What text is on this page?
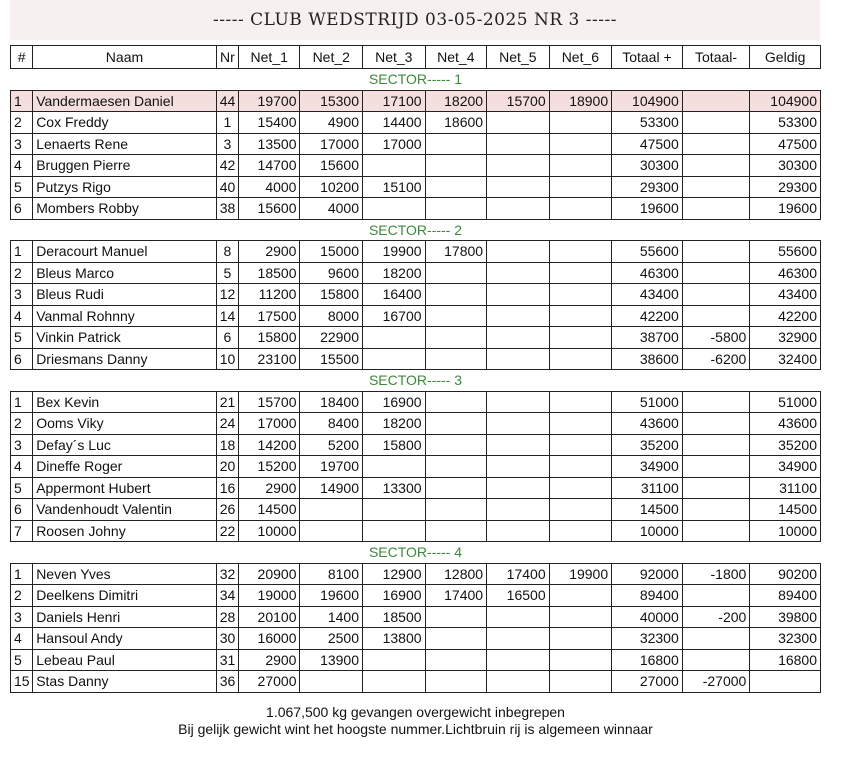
----- CLUB WEDSTRIJD 03-05-2025 NR 3 -----
#	Naam	Nr	Net_1	Net_2	Net_3	Net_4	Net_5	Net_6	Totaal +	Totaal-	Geldig
SECTOR----- 1											
1	Vandermaesen Daniel	44	19700	15300	17100	18200	15700	18900	104900		104900
2	Cox Freddy	1	15400	4900	14400	18600			53300		53300
3	Lenaerts Rene	3	13500	17000	17000				47500		47500
4	Bruggen Pierre	42	14700	15600					30300		30300
5	Putzys Rigo	40	4000	10200	15100				29300		29300
6	Mombers Robby	38	15600	4000					19600		19600
SECTOR----- 2											
1	Deracourt Manuel	8	2900	15000	19900	17800			55600		55600
2	Bleus Marco	5	18500	9600	18200				46300		46300
3	Bleus Rudi	12	11200	15800	16400				43400		43400
4	Vanmal Rohnny	14	17500	8000	16700				42200		42200
5	Vinkin Patrick	6	15800	22900					38700	-5800	32900
6	Driesmans Danny	10	23100	15500					38600	-6200	32400
SECTOR----- 3											
1	Bex Kevin	21	15700	18400	16900				51000		51000
2	Ooms Viky	24	17000	8400	18200				43600		43600
3	Defay´s Luc	18	14200	5200	15800				35200		35200
4	Dineffe Roger	20	15200	19700					34900		34900
5	Appermont Hubert	16	2900	14900	13300				31100		31100
6	Vandenhoudt Valentin	26	14500						14500		14500
7	Roosen Johny	22	10000						10000		10000
SECTOR----- 4											
1	Neven Yves	32	20900	8100	12900	12800	17400	19900	92000	-1800	90200
2	Deelkens Dimitri	34	19000	19600	16900	17400	16500		89400		89400
3	Daniels Henri	28	20100	1400	18500				40000	-200	39800
4	Hansoul Andy	30	16000	2500	13800				32300		32300
5	Lebeau Paul	31	2900	13900					16800		16800
15	Stas Danny	36	27000						27000	-27000	
1.067,500 kg gevangen overgewicht inbegrepen
Bij gelijk gewicht wint het hoogste nummer.Lichtbruin rij is algemeen winnaar
